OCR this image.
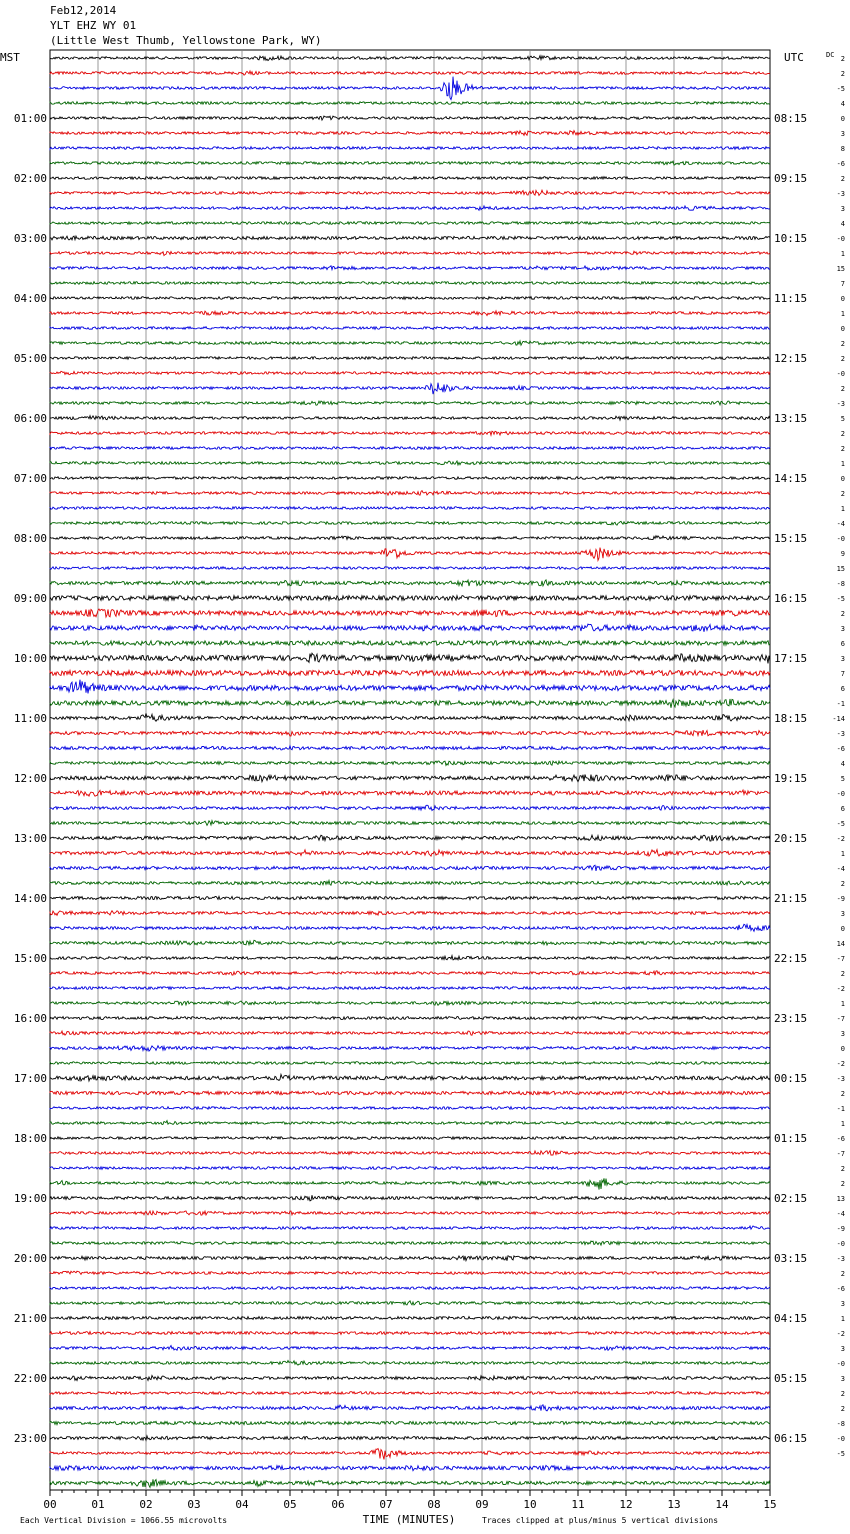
Feb12,2014
YLT EHZ WY 01
(Little West Thumb, Yellowstone Park, WY)
00	01	02	03	04	05	06	07	08	09	10	11	12	13	14	15
MST	UTC	DC
01:00
02:00
03:00
04:00
05:00
06:00
07:00
08:00
09:00
10:00
11:00
12:00
13:00
14:00
15:00
16:00
17:00
18:00
19:00
20:00
21:00
22:00
23:00
08:15
09:15
10:15
11:15
12:15
13:15
14:15
15:15
16:15
17:15
18:15
19:15
20:15
21:15
22:15
23:15
00:15
01:15
02:15
03:15
04:15
05:15
06:15
2
2
-5
4
0
3
8
-6
2
-3
3
4
-0
1
15
7
0
1
0
2
2
-0
2
-3
5
2
2
1
0
2
1
-4
-0
9
15
-8
-5
2
3
6
3
7
6
-1
-14
-3
-6
4
5
-0
6
-5
-2
1
-4
2
-9
3
0
14
-7
2
-2
1
-7
3
0
-2
-3
2
-1
1
-6
-7
2
2
13
-4
-9
-0
-3
2
-6
3
1
-2
3
-0
3
2
2
-8
-0
-5
TIME (MINUTES)
Each Vertical Division = 1066.55 microvolts	Traces clipped at plus/minus 5 vertical divisions
